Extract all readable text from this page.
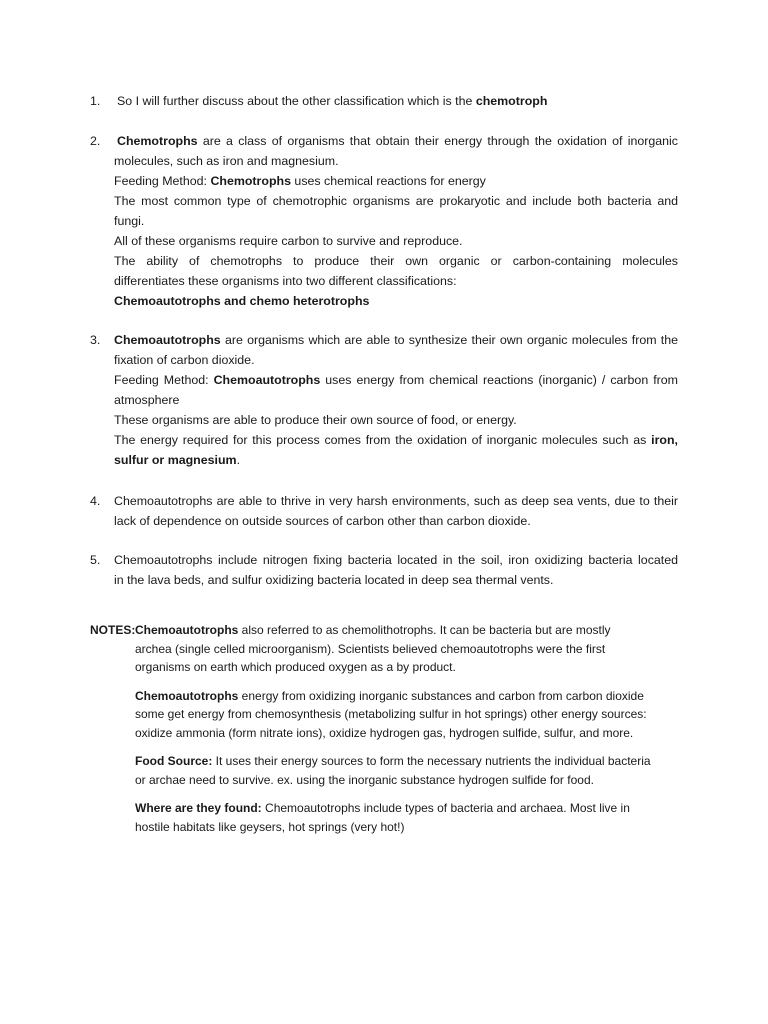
1.	So I will further discuss about the other classification which is the chemotroph
2.	Chemotrophs are a class of organisms that obtain their energy through the oxidation of inorganic
molecules, such as iron and magnesium.
Feeding Method: Chemotrophs uses chemical reactions for energy
The most common type of chemotrophic organisms are prokaryotic and include both bacteria and
fungi.
All of these organisms require carbon to survive and reproduce.
The ability of chemotrophs to produce their own organic or carbon-containing molecules
differentiates these organisms into two different classifications:
Chemoautotrophs and chemo heterotrophs
3.	Chemoautotrophs are organisms which are able to synthesize their own organic molecules from the
fixation of carbon dioxide.
Feeding Method: Chemoautotrophs uses energy from chemical reactions (inorganic) / carbon from
atmosphere
These organisms are able to produce their own source of food, or energy.
The energy required for this process comes from the oxidation of inorganic molecules such as iron,
sulfur or magnesium.
4.	Chemoautotrophs are able to thrive in very harsh environments, such as deep sea vents, due to their
lack of dependence on outside sources of carbon other than carbon dioxide.
5.	Chemoautotrophs include nitrogen fixing bacteria located in the soil, iron oxidizing bacteria located
in the lava beds, and sulfur oxidizing bacteria located in deep sea thermal vents.
NOTES: Chemoautotrophs also referred to as chemolithotrophs. It can be bacteria but are mostly
archea (single celled microorganism). Scientists believed chemoautotrophs were the first
organisms on earth which produced oxygen as a by product.
Chemoautotrophs energy from oxidizing inorganic substances and carbon from carbon dioxide
some get energy from chemosynthesis (metabolizing sulfur in hot springs) other energy sources:
oxidize ammonia (form nitrate ions), oxidize hydrogen gas, hydrogen sulfide, sulfur, and more.
Food Source: It uses their energy sources to form the necessary nutrients the individual bacteria
or archae need to survive. ex. using the inorganic substance hydrogen sulfide for food.
Where are they found: Chemoautotrophs include types of bacteria and archaea. Most live in
hostile habitats like geysers, hot springs (very hot!)
